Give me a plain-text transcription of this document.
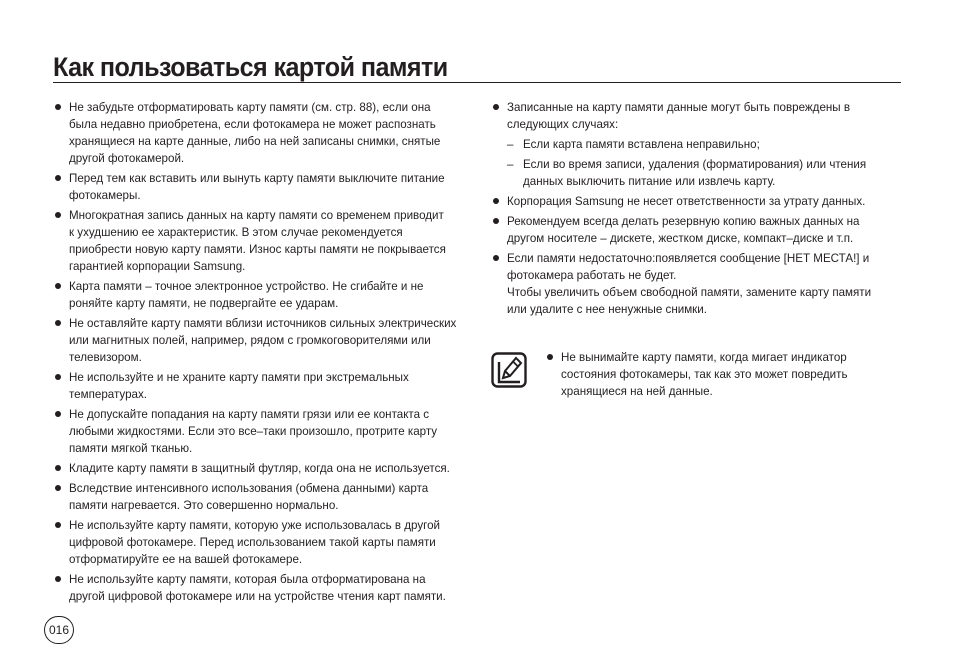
Как пользоваться картой памяти
Не забудьте отформатировать карту памяти (см. стр. 88), если она
была недавно приобретена, если фотокамера не может распознать
хранящиеся на карте данные, либо на ней записаны снимки, снятые
другой фотокамерой.
Перед тем как вставить или вынуть карту памяти выключите питание
фотокамеры.
Многократная запись данных на карту памяти со временем приводит
к ухудшению ее характеристик. В этом случае рекомендуется
приобрести новую карту памяти. Износ карты памяти не покрывается
гарантией корпорации Samsung.
Карта памяти – точное электронное устройство. Не сгибайте и не
роняйте карту памяти, не подвергайте ее ударам.
Не оставляйте карту памяти вблизи источников сильных электрических
или магнитных полей, например, рядом с громкоговорителями или
телевизором.
Не используйте и не храните карту памяти при экстремальных
температурах.
Не допускайте попадания на карту памяти грязи или ее контакта с
любыми жидкостями. Если это все–таки произошло, протрите карту
памяти мягкой тканью.
Кладите карту памяти в защитный футляр, когда она не используется.
Вследствие интенсивного использования (обмена данными) карта
памяти нагревается. Это совершенно нормально.
Не используйте карту памяти, которую уже использовалась в другой
цифровой фотокамере. Перед использованием такой карты памяти
отформатируйте ее на вашей фотокамере.
Не используйте карту памяти, которая была отформатирована на
другой цифровой фотокамере или на устройстве чтения карт памяти.
Записанные на карту памяти данные могут быть повреждены в
следующих случаях:
– Если карта памяти вставлена неправильно;
– Если во время записи, удаления (форматирования) или чтения
данных выключить питание или извлечь карту.
Корпорация Samsung не несет ответственности за утрату данных.
Рекомендуем всегда делать резервную копию важных данных на
другом носителе – дискете, жестком диске, компакт–диске и т.п.
Если памяти недостаточно:появляется сообщение [НЕТ МЕСТА!] и
фотокамера работать не будет.
Чтобы увеличить объем свободной памяти, замените карту памяти
или удалите с нее ненужные снимки.
Не вынимайте карту памяти, когда мигает индикатор
состояния фотокамеры, так как это может повредить
хранящиеся на ней данные.
016
